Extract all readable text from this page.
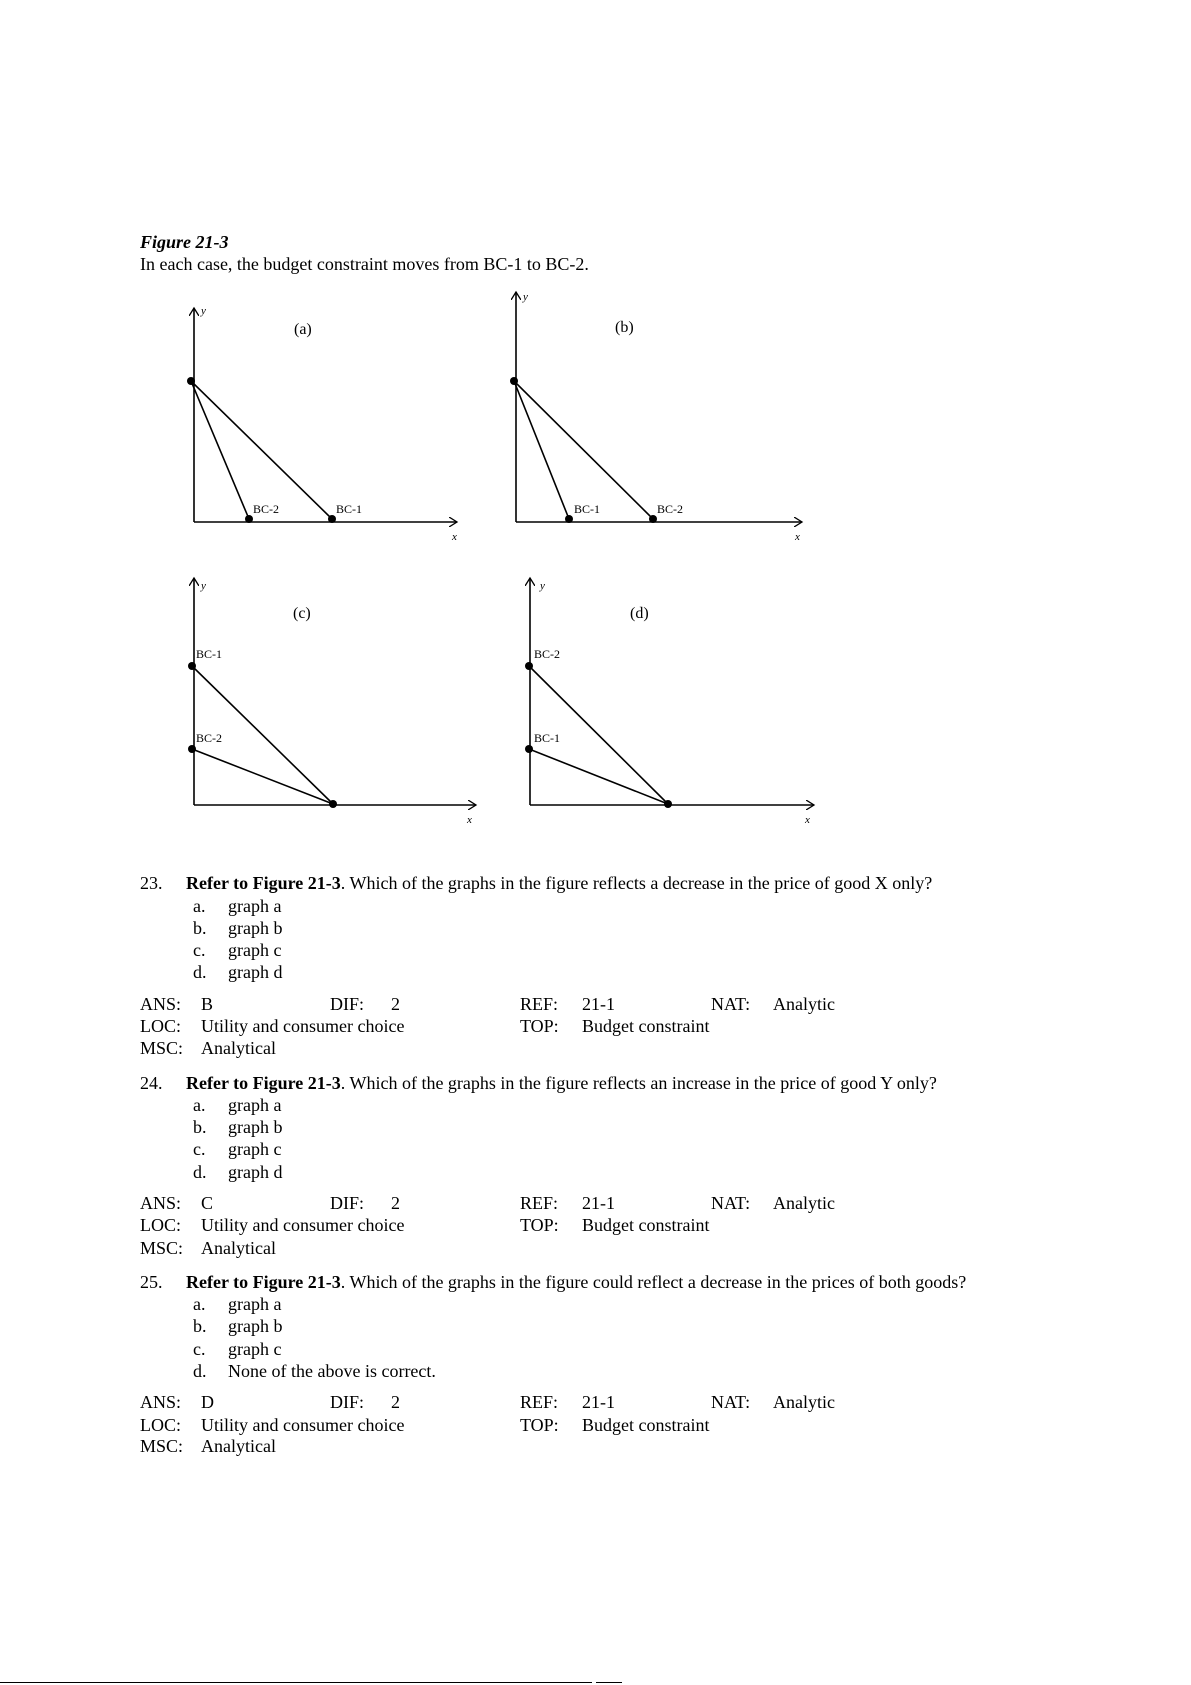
Figure 21-3
In each case, the budget constraint moves from BC-1 to BC-2.
y
x
(a)
BC-2	BC-1
y
x
(b)
BC-1	BC-2
y
x
(c)
BC-1
BC-2
y
x
(d)
BC-2
BC-1
23. Refer to Figure 21-3. Which of the graphs in the figure reflects a decrease in the price of good X only?
a. graph a
b. graph b
c. graph c
d. graph d
ANS: B	DIF: 2	REF: 21-1	NAT: Analytic
LOC: Utility and consumer choice	TOP: Budget constraint
MSC: Analytical
24. Refer to Figure 21-3. Which of the graphs in the figure reflects an increase in the price of good Y only?
a. graph a
b. graph b
c. graph c
d. graph d
ANS: C	DIF: 2	REF: 21-1	NAT: Analytic
LOC: Utility and consumer choice	TOP: Budget constraint
MSC: Analytical
25. Refer to Figure 21-3. Which of the graphs in the figure could reflect a decrease in the prices of both goods?
a. graph a
b. graph b
c. graph c
d. None of the above is correct.
ANS: D	DIF: 2	REF: 21-1	NAT: Analytic
LOC: Utility and consumer choice	TOP: Budget constraint
MSC: Analytical
